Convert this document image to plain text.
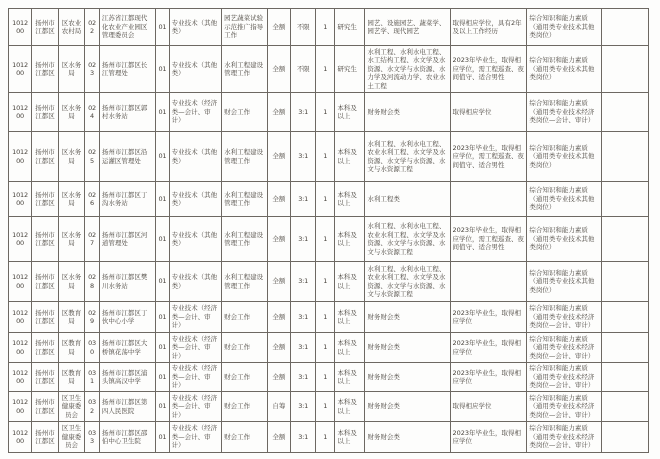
101200	扬州市江都区	区农业农村局	022	江苏省江都现代化农业产业园区管理委员会	01	专业技术（其他类）	园艺蔬菜试验示范推广指导工作	全额	不限	1	研究生	园艺、设施园艺、蔬菜学、园艺学、现代园艺	取得相应学位，具有2年及以上工作经历	综合知识和能力素质（通用类专业技术其他类岗位）	
101200	扬州市江都区	区水务局	023	扬州市江都区长江管理处	01	专业技术（其他类）	水利工程建设管理工作	全额	不限	1	研究生	水利工程、水利水电工程、水工结构工程、水文学及水资源、水文学与水资源、水力学及河流动力学、农业水土工程	2023年毕业生，取得相应学位，需工程巡查、夜间值守、适合男性	综合知识和能力素质（通用类专业技术其他类岗位）	
101200	扬州市江都区	区水务局	024	扬州市江都区郭村水务站	01	专业技术（经济类—会计、审计）	财会工作	全额	3:1	1	本科及以上	财务财会类	取得相应学位	综合知识和能力素质（通用类专业技术经济类岗位—会计、审计）	
101200	扬州市江都区	区水务局	025	扬州市江都区沿运灌区管理处	01	专业技术（其他类）	水利工程建设管理工作	全额	3:1	1	本科及以上	水利工程、水利水电工程、农业水利工程、水文学及水资源、水文学与水资源、水文与水资源工程	2023年毕业生，取得相应学位，需工程巡查、夜间值守、适合男性	综合知识和能力素质（通用类专业技术其他类岗位）	
101200	扬州市江都区	区水务局	026	扬州市江都区丁沟水务站	01	专业技术（其他类）	水利工程建设管理工作	全额	3:1	1	本科及以上	水利工程类		综合知识和能力素质（通用类专业技术其他类岗位）	
101200	扬州市江都区	区水务局	027	扬州市江都区河道管理处	01	专业技术（其他类）	水利工程建设管理工作	全额	3:1	1	本科及以上	水利工程、水利水电工程、农业水利工程、水文学及水资源、水文学与水资源、水文与水资源工程	2023年毕业生，取得相应学位，需工程巡查、夜间值守、适合男性	综合知识和能力素质（通用类专业技术其他类岗位）	
101200	扬州市江都区	区水务局	028	扬州市江都区樊川水务站	01	专业技术（其他类）	水利工程建设管理工作	全额	3:1	1	本科及以上	水利工程、水利水电工程、农业水利工程、水文学及水资源、水文学与水资源、水文与水资源工程		综合知识和能力素质（通用类专业技术其他类岗位）	
101200	扬州市江都区	区教育局	029	扬州市江都区丁伙中心小学	01	专业技术（经济类—会计、审计）	财会工作	全额	3:1	1	本科及以上	财务财会类	2023年毕业生，取得相应学位	综合知识和能力素质（通用类专业技术经济类岗位—会计、审计）	
101200	扬州市江都区	区教育局	030	扬州市江都区大桥镇花荡中学	01	专业技术（经济类—会计、审计）	财会工作	全额	3:1	1	本科及以上	财务财会类	2023年毕业生，取得相应学位	综合知识和能力素质（通用类专业技术经济类岗位—会计、审计）	
101200	扬州市江都区	区教育局	031	扬州市江都区浦头镇高汉中学	01	专业技术（经济类—会计、审计）	财会工作	全额	3:1	1	本科及以上	财务财会类	2023年毕业生，取得相应学位	综合知识和能力素质（通用类专业技术经济类岗位—会计、审计）	
101200	扬州市江都区	区卫生健康委员会	032	扬州市江都区第四人民医院	01	专业技术（经济类—会计、审计）	财会工作	自筹	3:1	1	本科及以上	财务财会类	取得相应学位	综合知识和能力素质（通用类专业技术经济类岗位—会计、审计）	
101200	扬州市江都区	区卫生健康委员会	033	扬州市江都区邵伯中心卫生院	01	专业技术（经济类—会计、审计）	财会工作	全额	3:1	1	本科及以上	财务财会类	2023年毕业生，取得相应学位	综合知识和能力素质（通用类专业技术经济类岗位—会计、审计）	
